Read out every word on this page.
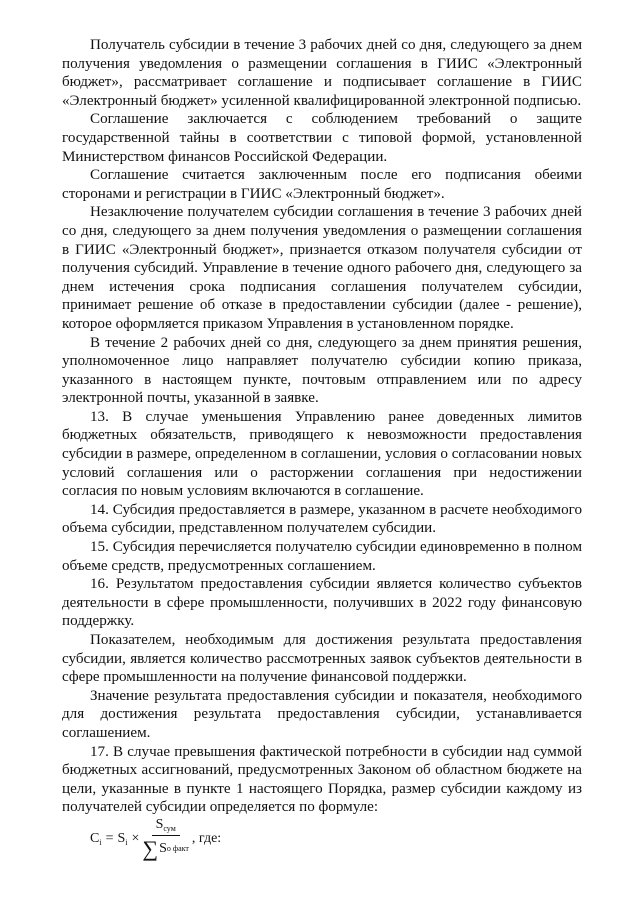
Получатель субсидии в течение 3 рабочих дней со дня, следующего за днем получения уведомления о размещении соглашения в ГИИС «Электронный бюджет», рассматривает соглашение и подписывает соглашение в ГИИС «Электронный бюджет» усиленной квалифицированной электронной подписью.

Соглашение заключается с соблюдением требований о защите государственной тайны в соответствии с типовой формой, установленной Министерством финансов Российской Федерации.

Соглашение считается заключенным после его подписания обеими сторонами и регистрации в ГИИС «Электронный бюджет».

Незаключение получателем субсидии соглашения в течение 3 рабочих дней со дня, следующего за днем получения уведомления о размещении соглашения в ГИИС «Электронный бюджет», признается отказом получателя субсидии от получения субсидий. Управление в течение одного рабочего дня, следующего за днем истечения срока подписания соглашения получателем субсидии, принимает решение об отказе в предоставлении субсидии (далее - решение), которое оформляется приказом Управления в установленном порядке.

В течение 2 рабочих дней со дня, следующего за днем принятия решения, уполномоченное лицо направляет получателю субсидии копию приказа, указанного в настоящем пункте, почтовым отправлением или по адресу электронной почты, указанной в заявке.

13. В случае уменьшения Управлению ранее доведенных лимитов бюджетных обязательств, приводящего к невозможности предоставления субсидии в размере, определенном в соглашении, условия о согласовании новых условий соглашения или о расторжении соглашения при недостижении согласия по новым условиям включаются в соглашение.

14. Субсидия предоставляется в размере, указанном в расчете необходимого объема субсидии, представленном получателем субсидии.

15. Субсидия перечисляется получателю субсидии единовременно в полном объеме средств, предусмотренных соглашением.

16. Результатом предоставления субсидии является количество субъектов деятельности в сфере промышленности, получивших в 2022 году финансовую поддержку.

Показателем, необходимым для достижения результата предоставления субсидии, является количество рассмотренных заявок субъектов деятельности в сфере промышленности на получение финансовой поддержки.

Значение результата предоставления субсидии и показателя, необходимого для достижения результата предоставления субсидии, устанавливается соглашением.

17. В случае превышения фактической потребности в субсидии над суммой бюджетных ассигнований, предусмотренных Законом об областном бюджете на цели, указанные в пункте 1 настоящего Порядка, размер субсидии каждому из получателей субсидии определяется по формуле:

$C_i = S_i \times \frac{S_{сум}}{\text{∑ S о факт}}$ , где:
